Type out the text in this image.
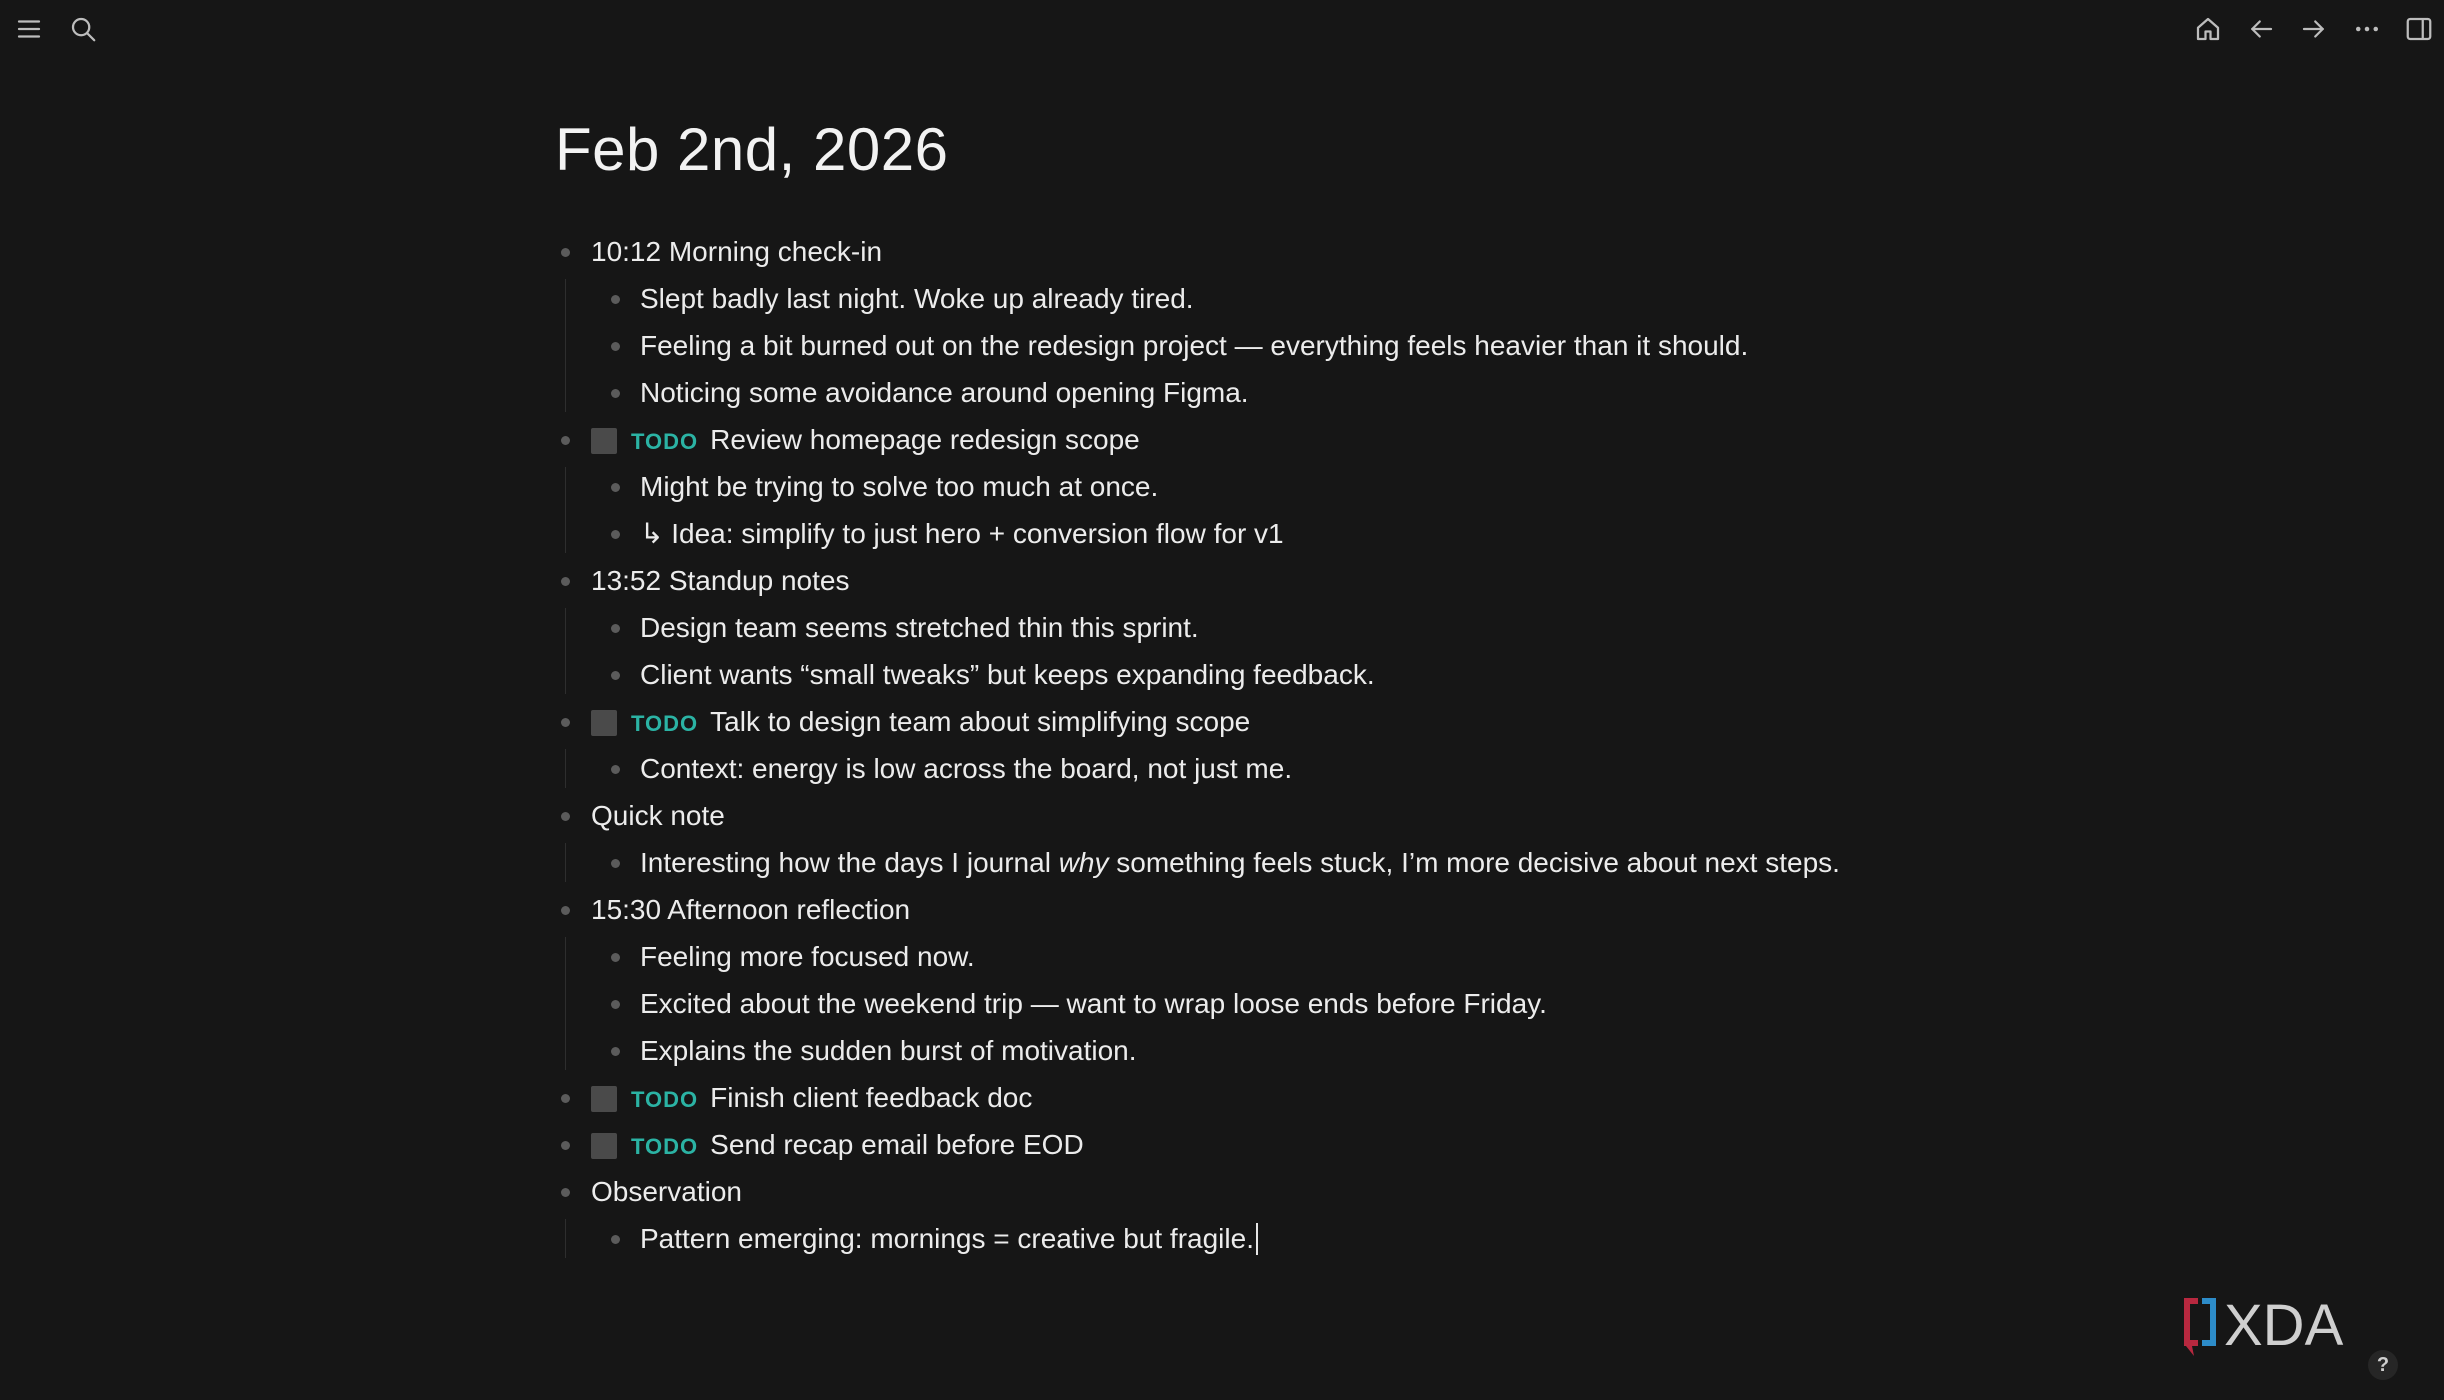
Feb 2nd, 2026
10:12 Morning check-in
Slept badly last night. Woke up already tired.
Feeling a bit burned out on the redesign project — everything feels heavier than it should.
Noticing some avoidance around opening Figma.
TODO Review homepage redesign scope
Might be trying to solve too much at once.
↳ Idea: simplify to just hero + conversion flow for v1
13:52 Standup notes
Design team seems stretched thin this sprint.
Client wants “small tweaks” but keeps expanding feedback.
TODO Talk to design team about simplifying scope
Context: energy is low across the board, not just me.
Quick note
Interesting how the days I journal why something feels stuck, I’m more decisive about next steps.
15:30 Afternoon reflection
Feeling more focused now.
Excited about the weekend trip — want to wrap loose ends before Friday.
Explains the sudden burst of motivation.
TODO Finish client feedback doc
TODO Send recap email before EOD
Observation
Pattern emerging: mornings = creative but fragile.
XDA
?
